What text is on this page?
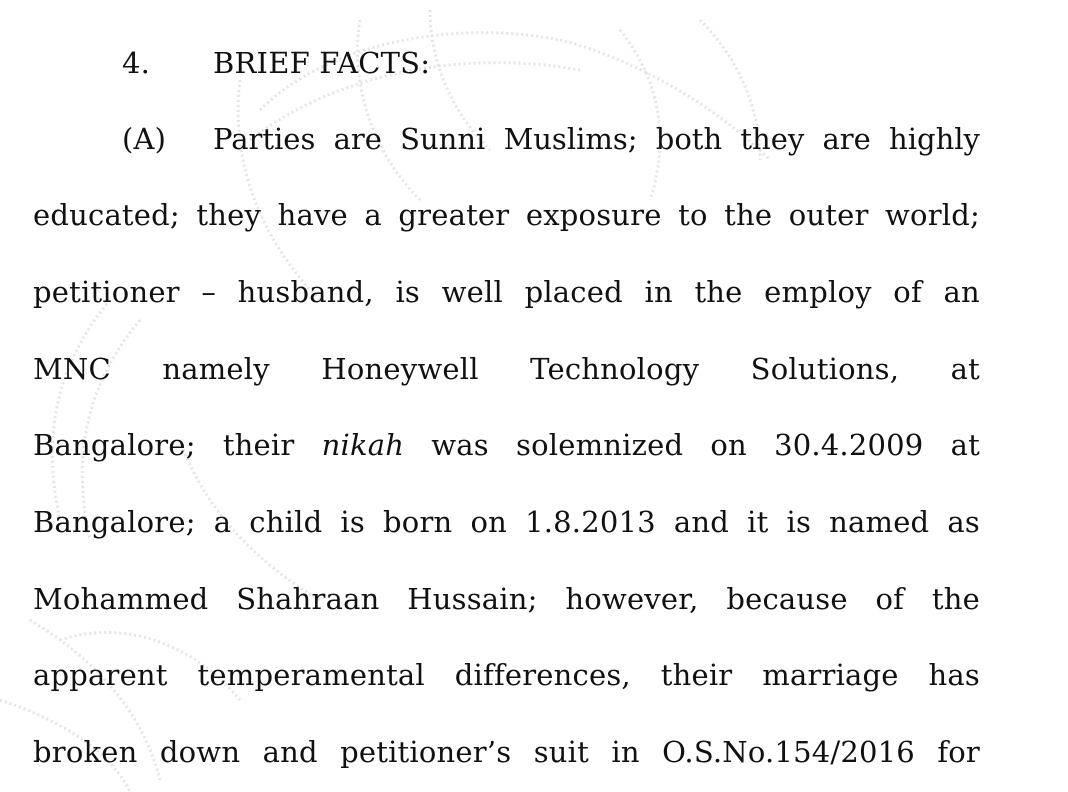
4. BRIEF FACTS:
(A) Parties are Sunni Muslims; both they are highly
educated; they have a greater exposure to the outer world;
petitioner – husband, is well placed in the employ of an
MNC namely Honeywell Technology Solutions, at
Bangalore; their nikah was solemnized on 30.4.2009 at
Bangalore; a child is born on 1.8.2013 and it is named as
Mohammed Shahraan Hussain; however, because of the
apparent temperamental differences, their marriage has
broken down and petitioner’s suit in O.S.No.154/2016 for
